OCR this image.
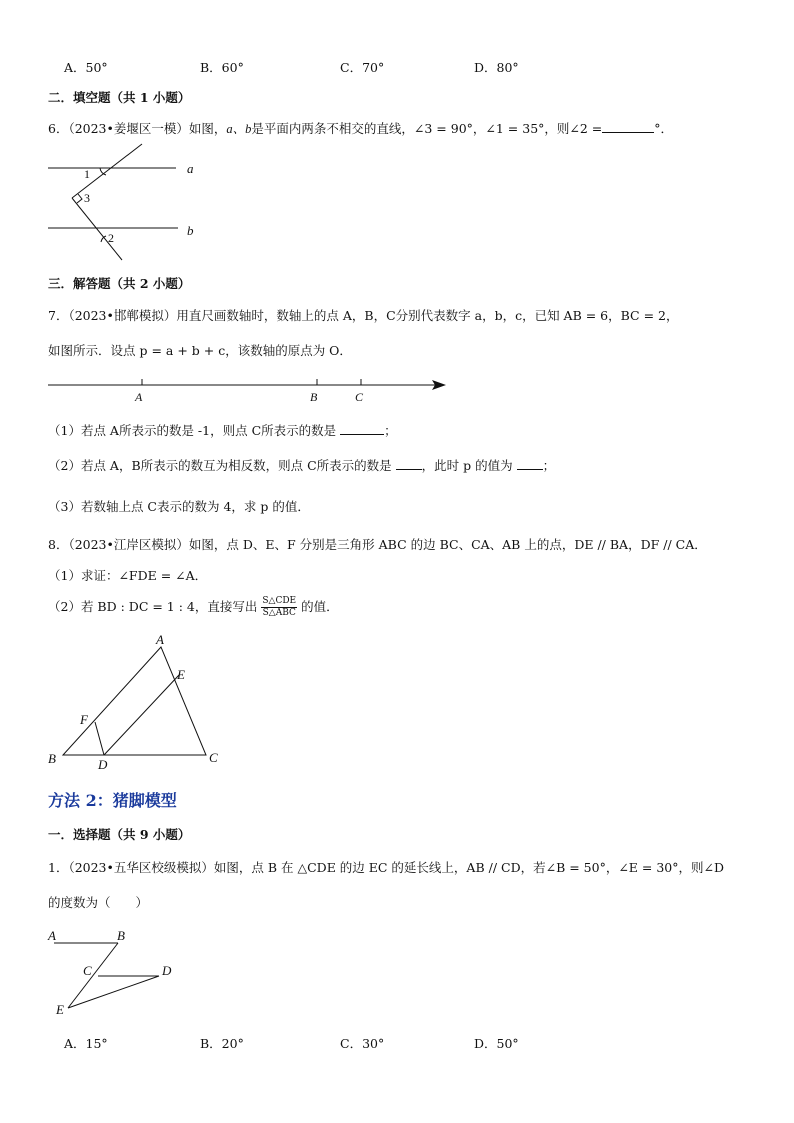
A．50°	B．60°	C．70°	D．80°
二．填空题（共 1 小题）
6．（2023•姜堰区一模）如图，a、b是平面内两条不相交的直线，∠3 = 90°，∠1 = 35°，则∠2 =	°．
1
3
2
a
b
三．解答题（共 2 小题）
7．（2023•邯郸模拟）用直尺画数轴时，数轴上的点 A，B，C分别代表数字 a，b，c，已知 AB = 6，BC = 2，
如图所示．设点 p = a + b + c，该数轴的原点为 O．
A	B	C
（1）若点 A所表示的数是 -1，则点 C所表示的数是	；
（2）若点 A，B所表示的数互为相反数，则点 C所表示的数是 ，此时 p 的值为 ；
（3）若数轴上点 C表示的数为 4，求 p 的值．
8．（2023•江岸区模拟）如图，点 D、E、F 分别是三角形 ABC 的边 BC、CA、AB 上的点，DE // BA，DF // CA．
（1）求证：∠FDE = ∠A．
（2）若 BD : DC = 1 : 4，直接写出 $\frac{\text{S△CDE}}{\text{S△ABC}}$ 的值．
A
E
F
B	D	C
方法 2：猪脚模型
一．选择题（共 9 小题）
1．（2023•五华区校级模拟）如图，点 B 在 △CDE 的边 EC 的延长线上，AB // CD，若∠B = 50°，∠E = 30°，则∠D
的度数为（　　）
A	B
C	D
E
A．15°	B．20°	C．30°	D．50°
